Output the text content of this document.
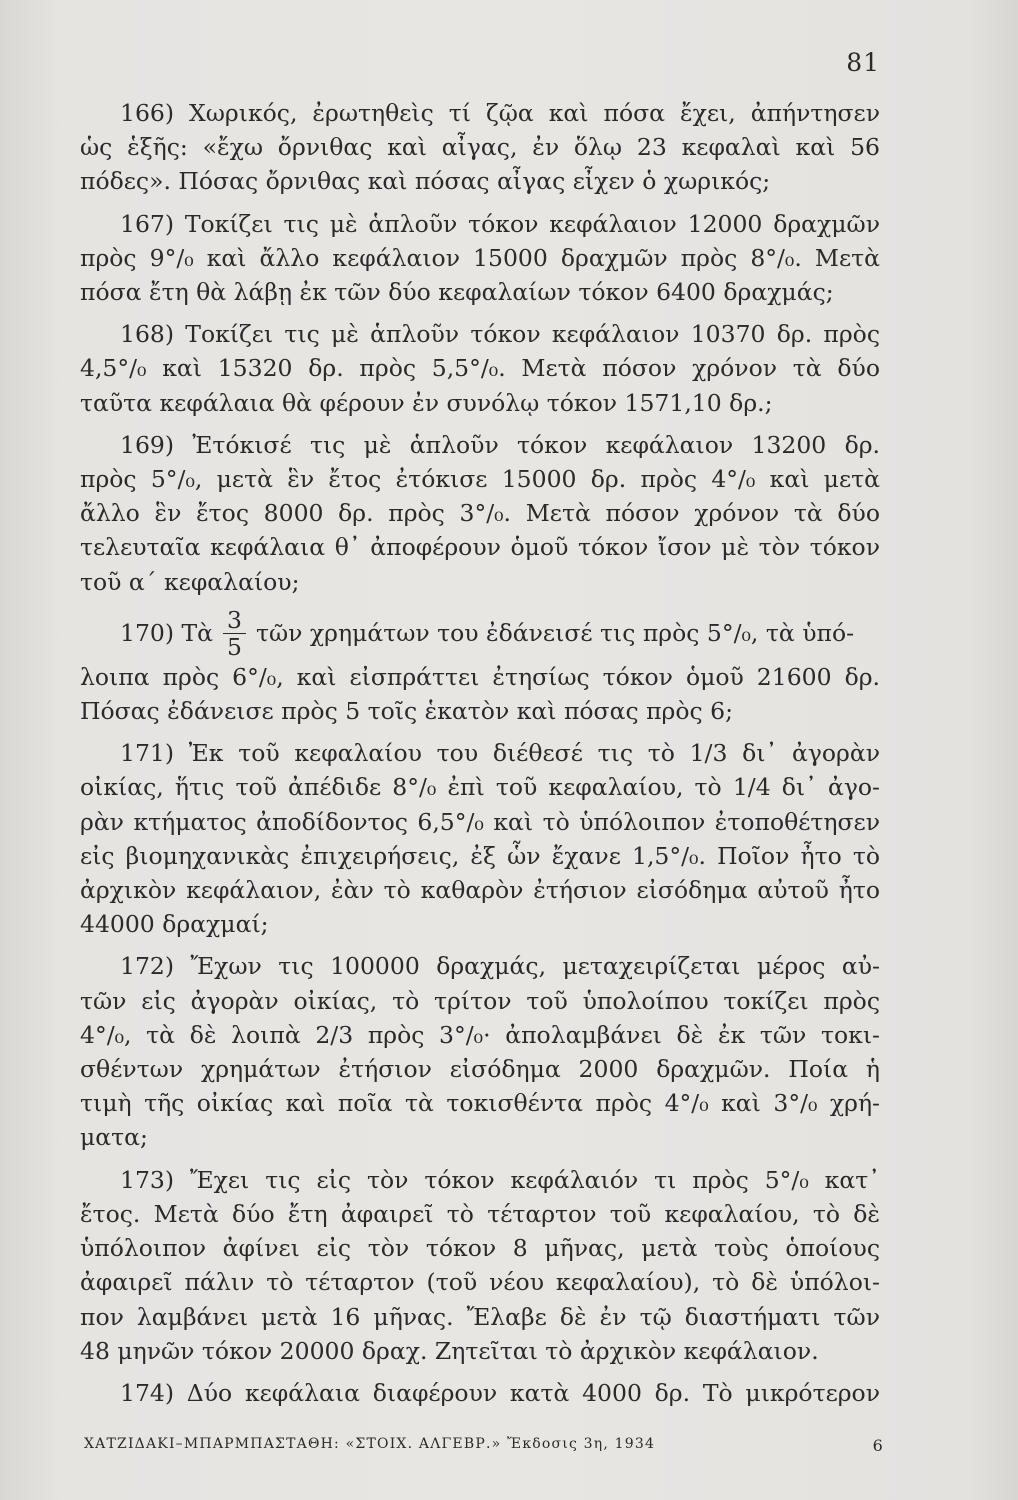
81
166) Χωρικός, ἐρωτηθεὶς τί ζῷα καὶ πόσα ἔχει, ἀπήντησεν
ὡς ἑξῆς: «ἔχω ὄρνιθας καὶ αἶγας, ἐν ὅλῳ 23 κεφαλαὶ καὶ 56
πόδες». Πόσας ὄρνιθας καὶ πόσας αἶγας εἶχεν ὁ χωρικός;
167) Τοκίζει τις μὲ ἁπλοῦν τόκον κεφάλαιον 12000 δραχμῶν
πρὸς 9°/₀ καὶ ἄλλο κεφάλαιον 15000 δραχμῶν πρὸς 8°/₀. Μετὰ
πόσα ἔτη θὰ λάβῃ ἐκ τῶν δύο κεφαλαίων τόκον 6400 δραχμάς;
168) Τοκίζει τις μὲ ἁπλοῦν τόκον κεφάλαιον 10370 δρ. πρὸς
4,5°/₀ καὶ 15320 δρ. πρὸς 5,5°/₀. Μετὰ πόσον χρόνον τὰ δύο
ταῦτα κεφάλαια θὰ φέρουν ἐν συνόλῳ τόκον 1571,10 δρ.;
169) Ἐτόκισέ τις μὲ ἁπλοῦν τόκον κεφάλαιον 13200 δρ.
πρὸς 5°/₀, μετὰ ἓν ἔτος ἐτόκισε 15000 δρ. πρὸς 4°/₀ καὶ μετὰ
ἄλλο ἓν ἔτος 8000 δρ. πρὸς 3°/₀. Μετὰ πόσον χρόνον τὰ δύο
τελευταῖα κεφάλαια θ᾽ ἀποφέρουν ὁμοῦ τόκον ἴσον μὲ τὸν τόκον
τοῦ α΄ κεφαλαίου;
170) Τὰ $\frac{3}{5}$ τῶν χρημάτων του ἐδάνεισέ τις πρὸς 5°/₀, τὰ ὑπό-
λοιπα πρὸς 6°/₀, καὶ εἰσπράττει ἐτησίως τόκον ὁμοῦ 21600 δρ.
Πόσας ἐδάνεισε πρὸς 5 τοῖς ἑκατὸν καὶ πόσας πρὸς 6;
171) Ἐκ τοῦ κεφαλαίου του διέθεσέ τις τὸ 1/3 δι᾽ ἀγορὰν
οἰκίας, ἥτις τοῦ ἀπέδιδε 8°/₀ ἐπὶ τοῦ κεφαλαίου, τὸ 1/4 δι᾽ ἀγο-
ρὰν κτήματος ἀποδίδοντος 6,5°/₀ καὶ τὸ ὑπόλοιπον ἐτοποθέτησεν
εἰς βιομηχανικὰς ἐπιχειρήσεις, ἐξ ὧν ἔχανε 1,5°/₀. Ποῖον ἦτο τὸ
ἀρχικὸν κεφάλαιον, ἐὰν τὸ καθαρὸν ἐτήσιον εἰσόδημα αὐτοῦ ἦτο
44000 δραχμαί;
172) Ἔχων τις 100000 δραχμάς, μεταχειρίζεται μέρος αὐ-
τῶν εἰς ἀγορὰν οἰκίας, τὸ τρίτον τοῦ ὑπολοίπου τοκίζει πρὸς
4°/₀, τὰ δὲ λοιπὰ 2/3 πρὸς 3°/₀· ἀπολαμβάνει δὲ ἐκ τῶν τοκι-
σθέντων χρημάτων ἐτήσιον εἰσόδημα 2000 δραχμῶν. Ποία ἡ
τιμὴ τῆς οἰκίας καὶ ποῖα τὰ τοκισθέντα πρὸς 4°/₀ καὶ 3°/₀ χρή-
ματα;
173) Ἔχει τις εἰς τὸν τόκον κεφάλαιόν τι πρὸς 5°/₀ κατ᾽
ἔτος. Μετὰ δύο ἔτη ἀφαιρεῖ τὸ τέταρτον τοῦ κεφαλαίου, τὸ δὲ
ὑπόλοιπον ἀφίνει εἰς τὸν τόκον 8 μῆνας, μετὰ τοὺς ὁποίους
ἀφαιρεῖ πάλιν τὸ τέταρτον (τοῦ νέου κεφαλαίου), τὸ δὲ ὑπόλοι-
πον λαμβάνει μετὰ 16 μῆνας. Ἔλαβε δὲ ἐν τῷ διαστήματι τῶν
48 μηνῶν τόκον 20000 δραχ. Ζητεῖται τὸ ἀρχικὸν κεφάλαιον.
174) Δύο κεφάλαια διαφέρουν κατὰ 4000 δρ. Τὸ μικρότερον
ΧΑΤΖΙΔΑΚΙ–ΜΠΑΡΜΠΑΣΤΑΘΗ: «ΣΤΟΙΧ. ΑΛΓΕΒΡ.» Ἔκδοσις 3η, 1934	6
